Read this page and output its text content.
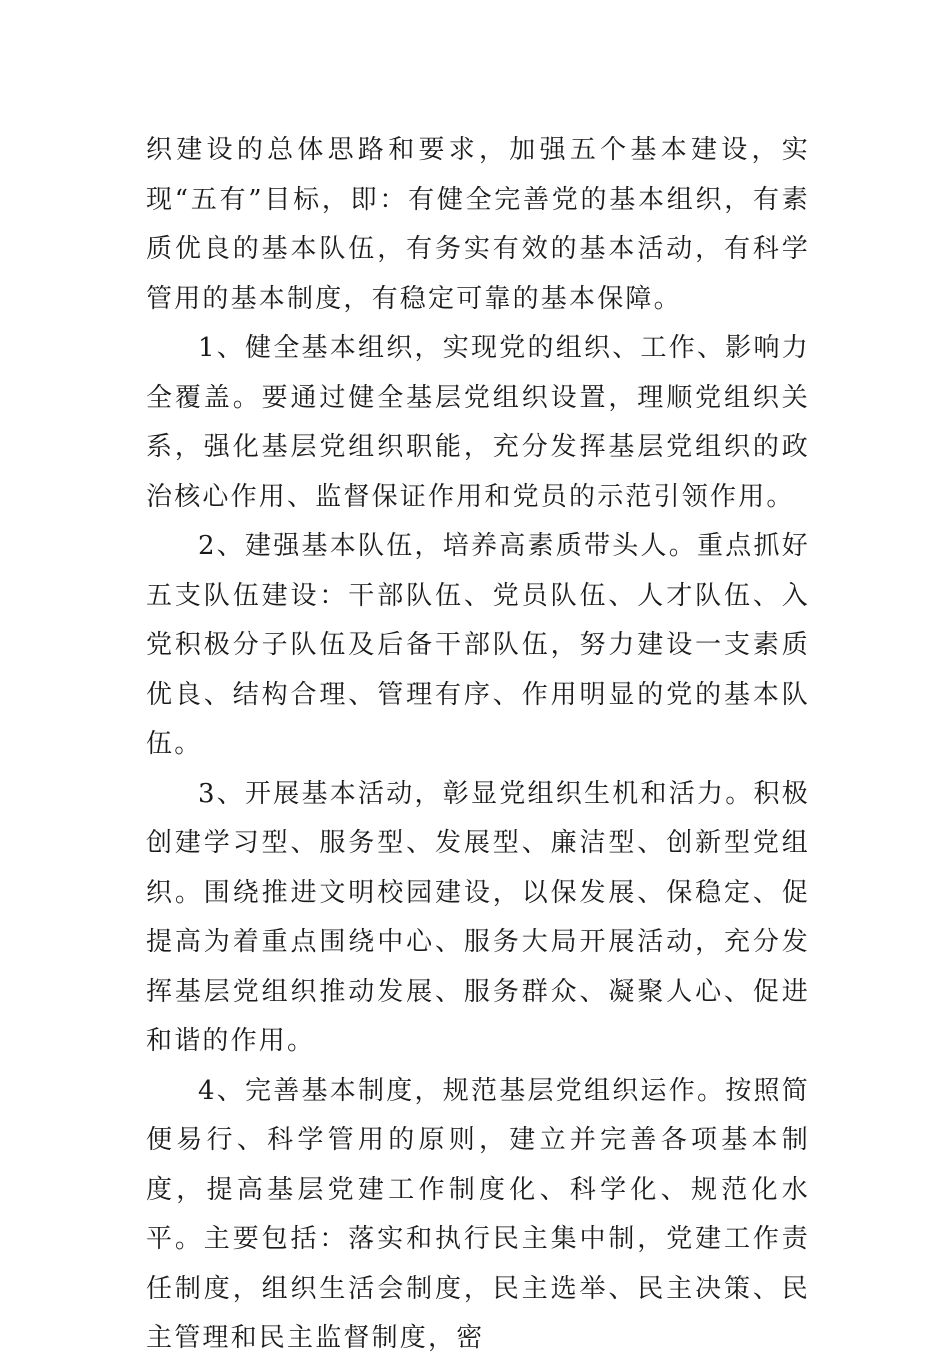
织建设的总体思路和要求，加强五个基本建设，实现“五有”目标，即：有健全完善党的基本组织，有素质优良的基本队伍，有务实有效的基本活动，有科学管用的基本制度，有稳定可靠的基本保障。

1、健全基本组织，实现党的组织、工作、影响力全覆盖。要通过健全基层党组织设置，理顺党组织关系，强化基层党组织职能，充分发挥基层党组织的政治核心作用、监督保证作用和党员的示范引领作用。

2、建强基本队伍，培养高素质带头人。重点抓好五支队伍建设：干部队伍、党员队伍、人才队伍、入党积极分子队伍及后备干部队伍，努力建设一支素质优良、结构合理、管理有序、作用明显的党的基本队伍。

3、开展基本活动，彰显党组织生机和活力。积极创建学习型、服务型、发展型、廉洁型、创新型党组织。围绕推进文明校园建设，以保发展、保稳定、促提高为着重点围绕中心、服务大局开展活动，充分发挥基层党组织推动发展、服务群众、凝聚人心、促进和谐的作用。

4、完善基本制度，规范基层党组织运作。按照简便易行、科学管用的原则，建立并完善各项基本制度，提高基层党建工作制度化、科学化、规范化水平。主要包括：落实和执行民主集中制，党建工作责任制度，组织生活会制度，民主选举、民主决策、民主管理和民主监督制度，密
